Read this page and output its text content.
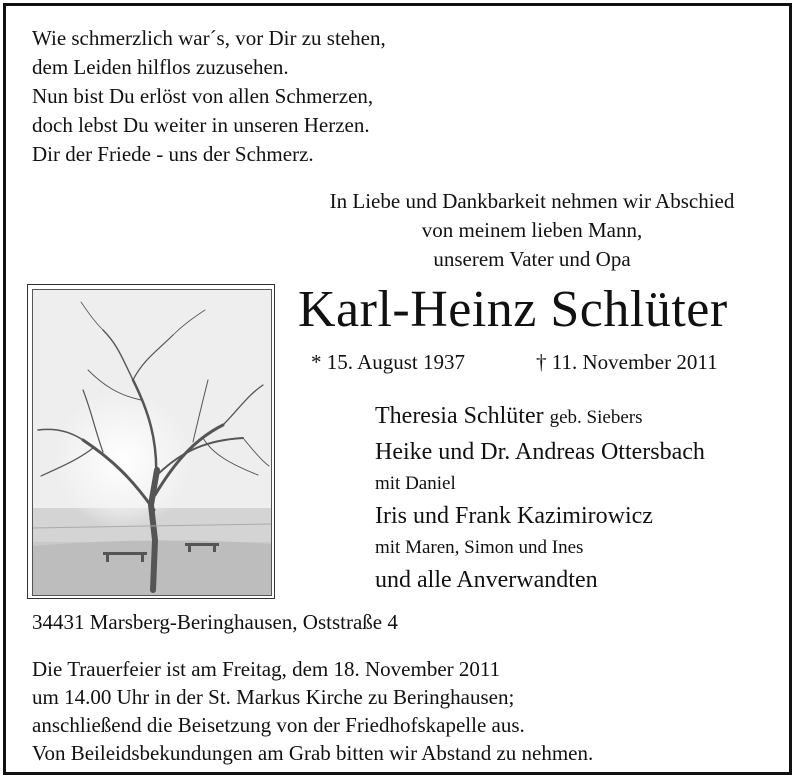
Wie schmerzlich war´s, vor Dir zu stehen,
dem Leiden hilflos zuzusehen.
Nun bist Du erlöst von allen Schmerzen,
doch lebst Du weiter in unseren Herzen.
Dir der Friede - uns der Schmerz.
In Liebe und Dankbarkeit nehmen wir Abschied
von meinem lieben Mann,
unserem Vater und Opa
Karl-Heinz Schlüter
* 15. August 1937	† 11. November 2011
Theresia Schlüter geb. Siebers
Heike und Dr. Andreas Ottersbach
mit Daniel
Iris und Frank Kazimirowicz
mit Maren, Simon und Ines
und alle Anverwandten
34431 Marsberg-Beringhausen, Oststraße 4
Die Trauerfeier ist am Freitag, dem 18. November 2011
um 14.00 Uhr in der St. Markus Kirche zu Beringhausen;
anschließend die Beisetzung von der Friedhofskapelle aus.
Von Beileidsbekundungen am Grab bitten wir Abstand zu nehmen.
